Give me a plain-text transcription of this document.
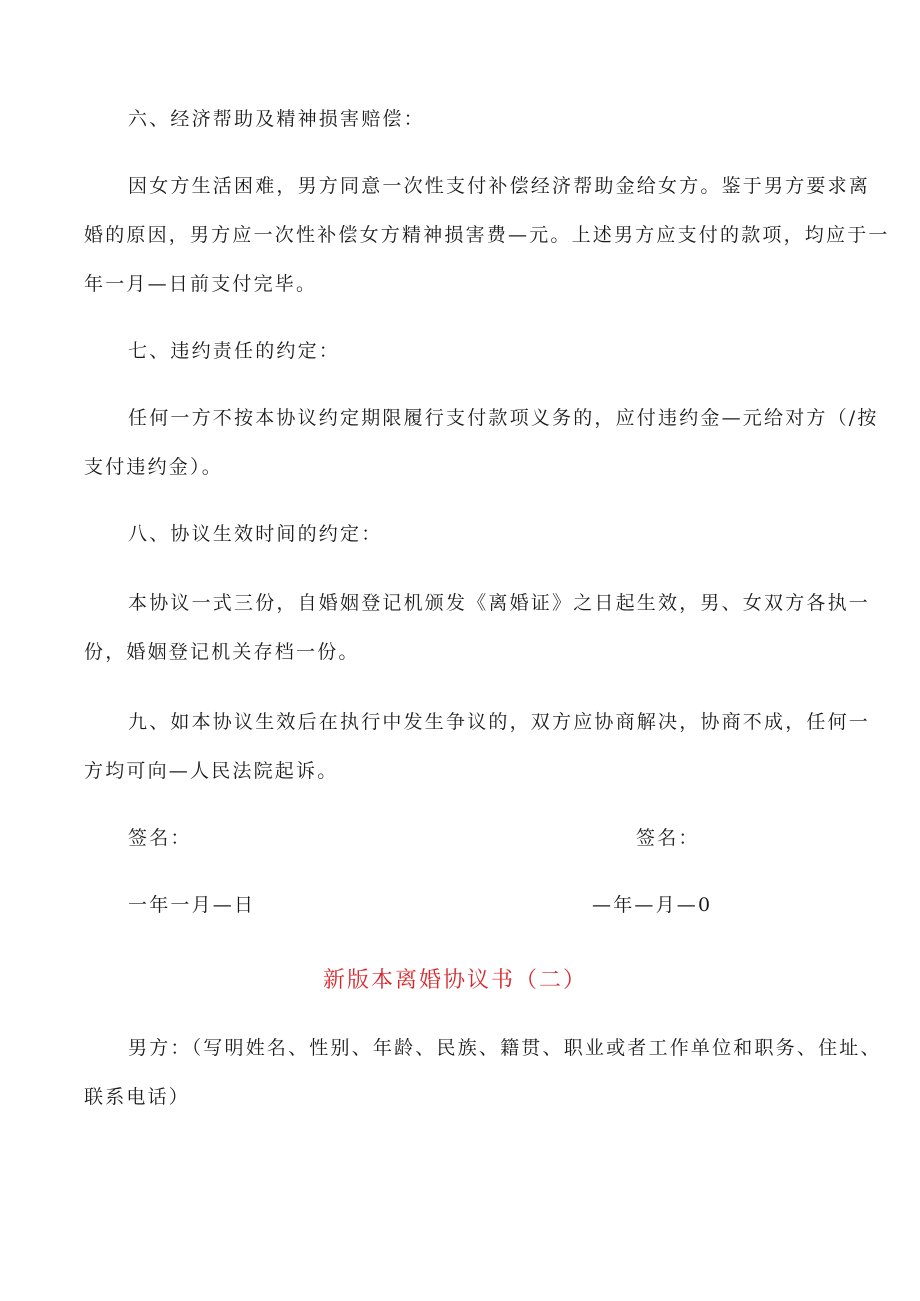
六、经济帮助及精神损害赔偿：
因女方生活困难，男方同意一次性支付补偿经济帮助金给女方。鉴于男方要求离
婚的原因，男方应一次性补偿女方精神损害费—元。上述男方应支付的款项，均应于一
年一月—日前支付完毕。
七、违约责任的约定：
任何一方不按本协议约定期限履行支付款项义务的，应付违约金—元给对方（/按
支付违约金）。
八、协议生效时间的约定：
本协议一式三份，自婚姻登记机颁发《离婚证》之日起生效，男、女双方各执一
份，婚姻登记机关存档一份。
九、如本协议生效后在执行中发生争议的，双方应协商解决，协商不成，任何一
方均可向—人民法院起诉。
签名：	签名：
一年一月—日	—年—月—0
新版本离婚协议书（二）
男方：（写明姓名、性别、年龄、民族、籍贯、职业或者工作单位和职务、住址、
联系电话）
